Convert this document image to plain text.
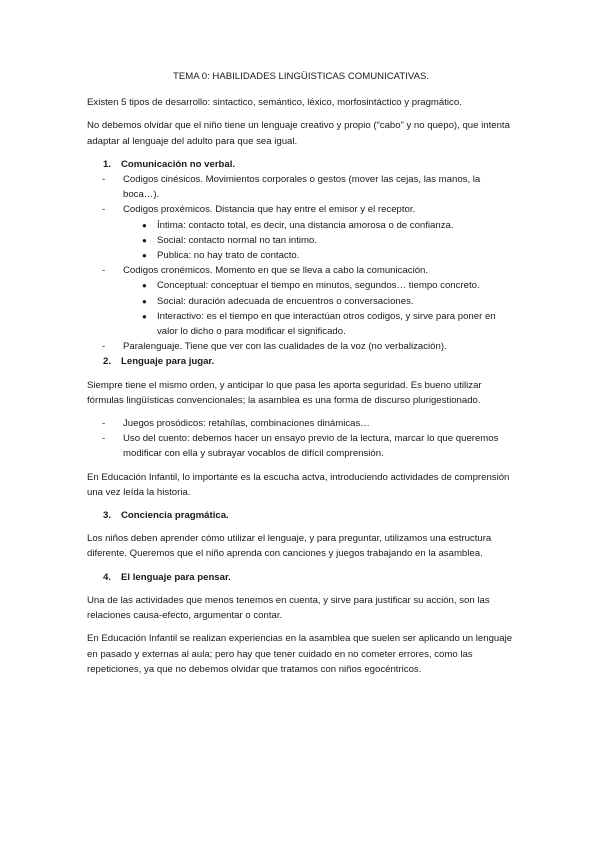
TEMA 0: HABILIDADES LINGÜISTICAS COMUNICATIVAS.

Existen 5 tipos de desarrollo: sintactico, semántico, léxico, morfosintáctico y pragmático.

No debemos olvidar que el niño tiene un lenguaje creativo y propio (“cabo” y no quepo), que intenta adaptar al lenguaje del adulto para que sea igual.

1. Comunicación no verbal.

- Codigos cinésicos. Movimientos corporales o gestos (mover las cejas, las manos, la boca…).

- Codigos proxémicos. Distancia que hay entre el emisor y el receptor.

● Íntima: contacto total, es decir, una distancia amorosa o de confianza.

● Social: contacto normal no tan intimo.

● Publica: no hay trato de contacto.

- Codigos cronémicos. Momento en que se lleva a cabo la comunicación.

● Conceptual: conceptuar el tiempo en minutos, segundos… tiempo concreto.

● Social: duración adecuada de encuentros o conversaciones.

● Interactivo: es el tiempo en que interactúan otros codigos, y sirve para poner en valor lo dicho o para modificar el significado.

- Paralenguaje. Tiene que ver con las cualidades de la voz (no verbalización).

2. Lenguaje para jugar.

Siempre tiene el mismo orden, y anticipar lo que pasa les aporta seguridad. Es bueno utilizar fórmulas lingüísticas convencionales; la asamblea es una forma de discurso plurigestionado.

- Juegos prosódicos: retahílas, combinaciones dinámicas…

- Uso del cuento: debemos hacer un ensayo previo de la lectura, marcar lo que queremos modificar con ella y subrayar vocablos de difícil comprensión.

En Educación Infantil, lo importante es la escucha actva, introduciendo actividades de comprensión una vez leída la historia.

3. Conciencia pragmática.

Los niños deben aprender cómo utilizar el lenguaje, y para preguntar, utilizamos una estructura diferente. Queremos que el niño aprenda con canciones y juegos trabajando en la asamblea.

4. El lenguaje para pensar.

Una de las actividades que menos tenemos en cuenta, y sirve para justificar su acción, son las relaciones causa-efecto, argumentar o contar.

En Educación Infantil se realizan experiencias en la asamblea que suelen ser aplicando un lenguaje en pasado y externas al aula; pero hay que tener cuidado en no cometer errores, como las repeticiones, ya que no debemos olvidar que tratamos con niños egocéntricos.
